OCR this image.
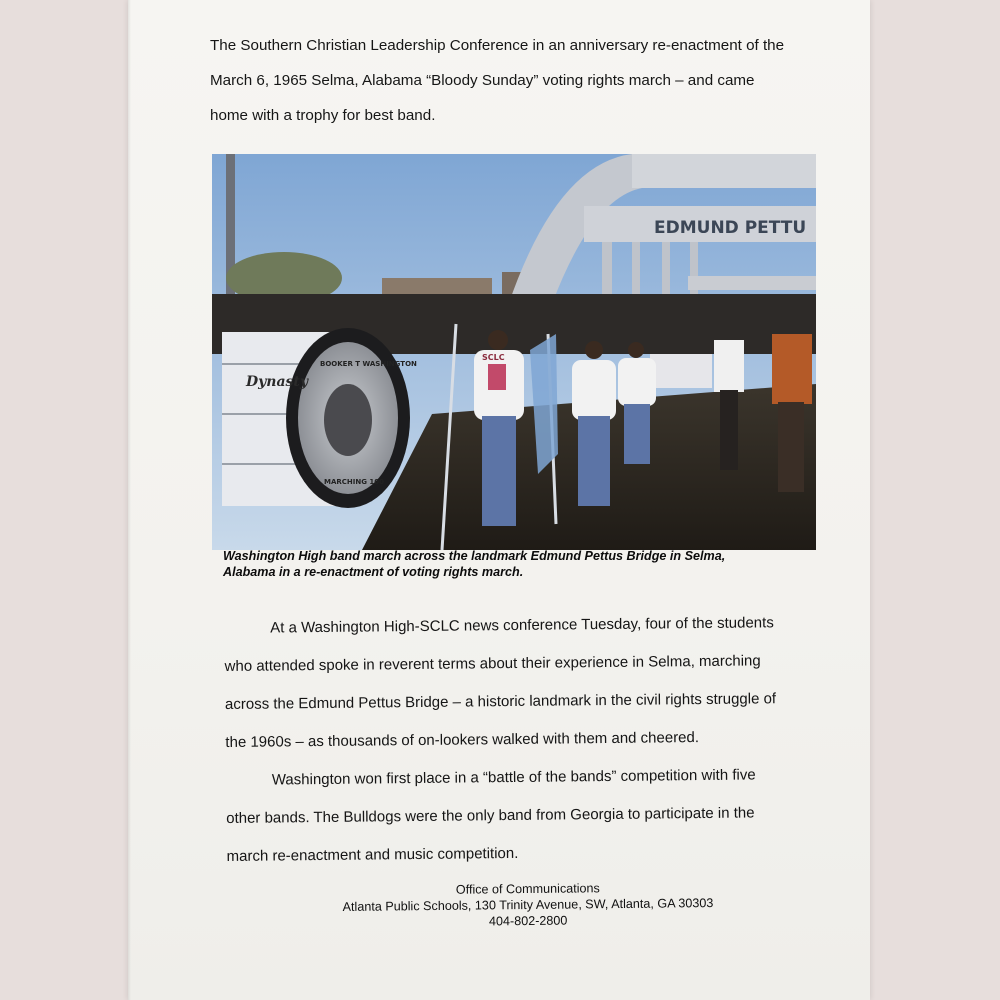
The Southern Christian Leadership Conference in an anniversary re-enactment of the
March 6, 1965 Selma, Alabama “Bloody Sunday” voting rights march – and came
home with a trophy for best band.
EDMUND PETTU
SCLC
Dynasty
BOOKER T WASHINGTON
MARCHING 100
Washington High band march across the landmark Edmund Pettus Bridge in Selma,
Alabama in a re-enactment of voting rights march.
At a Washington High-SCLC news conference Tuesday, four of the students
who attended spoke in reverent terms about their experience in Selma, marching
across the Edmund Pettus Bridge – a historic landmark in the civil rights struggle of
the 1960s – as thousands of on-lookers walked with them and cheered.
Washington won first place in a “battle of the bands” competition with five
other bands. The Bulldogs were the only band from Georgia to participate in the
march re-enactment and music competition.
Office of Communications
Atlanta Public Schools, 130 Trinity Avenue, SW, Atlanta, GA 30303
404-802-2800
